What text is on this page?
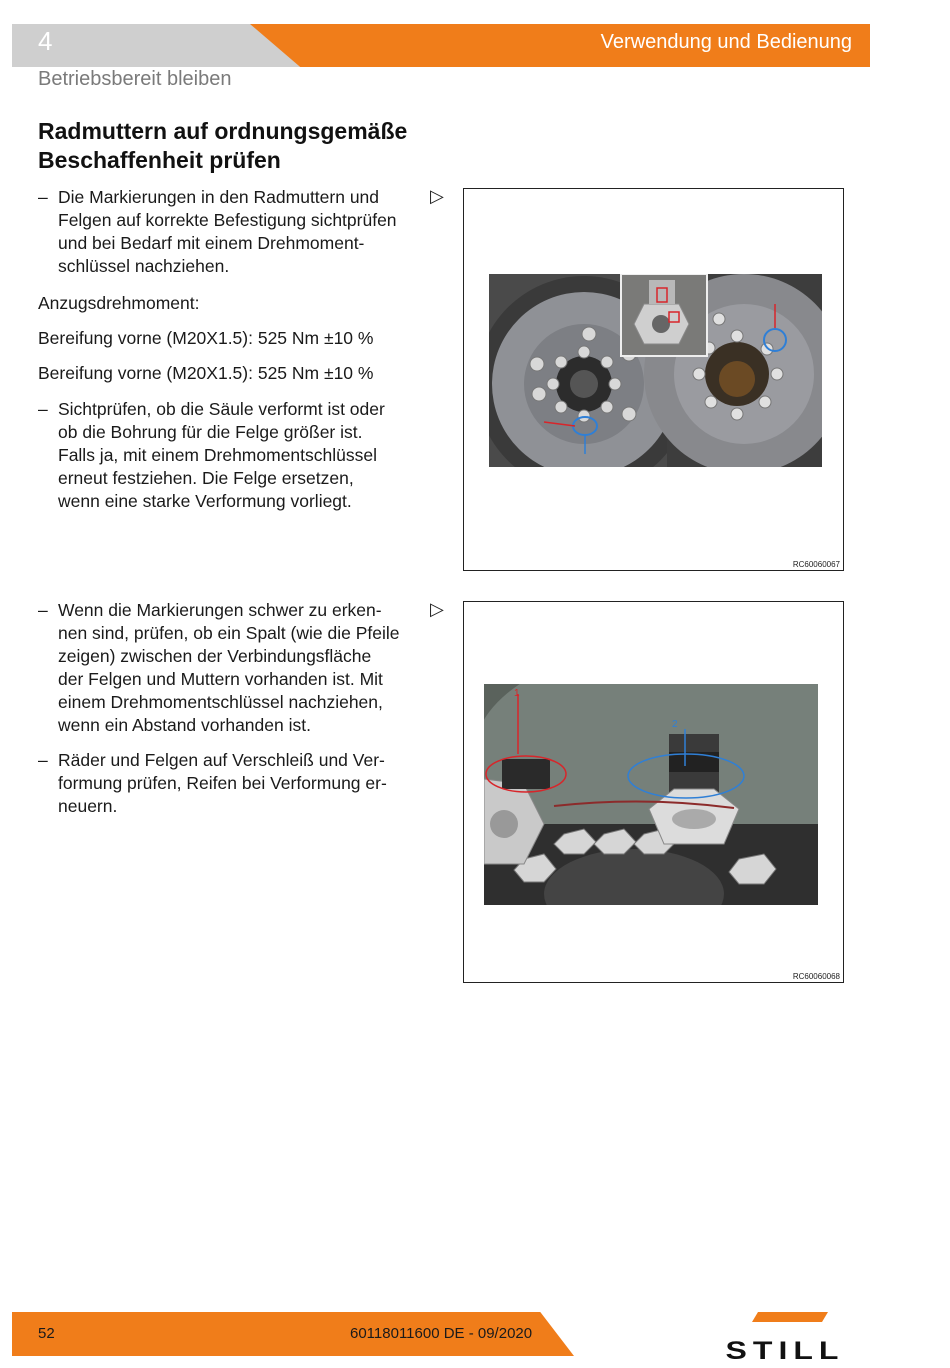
4	Verwendung und Bedienung
Betriebsbereit bleiben
Radmuttern auf ordnungsgemäße
Beschaffenheit prüfen
– Die Markierungen in den Radmuttern und
Felgen auf korrekte Befestigung sichtprüfen
und bei Bedarf mit einem Drehmoment-
schlüssel nachziehen.
Anzugsdrehmoment:
Bereifung vorne (M20X1.5): 525 Nm ±10 %
Bereifung vorne (M20X1.5): 525 Nm ±10 %
– Sichtprüfen, ob die Säule verformt ist oder
ob die Bohrung für die Felge größer ist.
Falls ja, mit einem Drehmomentschlüssel
erneut festziehen. Die Felge ersetzen,
wenn eine starke Verformung vorliegt.
▷
RC60060067
– Wenn die Markierungen schwer zu erken-
nen sind, prüfen, ob ein Spalt (wie die Pfeile
zeigen) zwischen der Verbindungsfläche
der Felgen und Muttern vorhanden ist. Mit
einem Drehmomentschlüssel nachziehen,
wenn ein Abstand vorhanden ist.
– Räder und Felgen auf Verschleiß und Ver-
formung prüfen, Reifen bei Verformung er-
neuern.
▷
1
2
RC60060068
52	60118011600 DE - 09/2020
STILL
